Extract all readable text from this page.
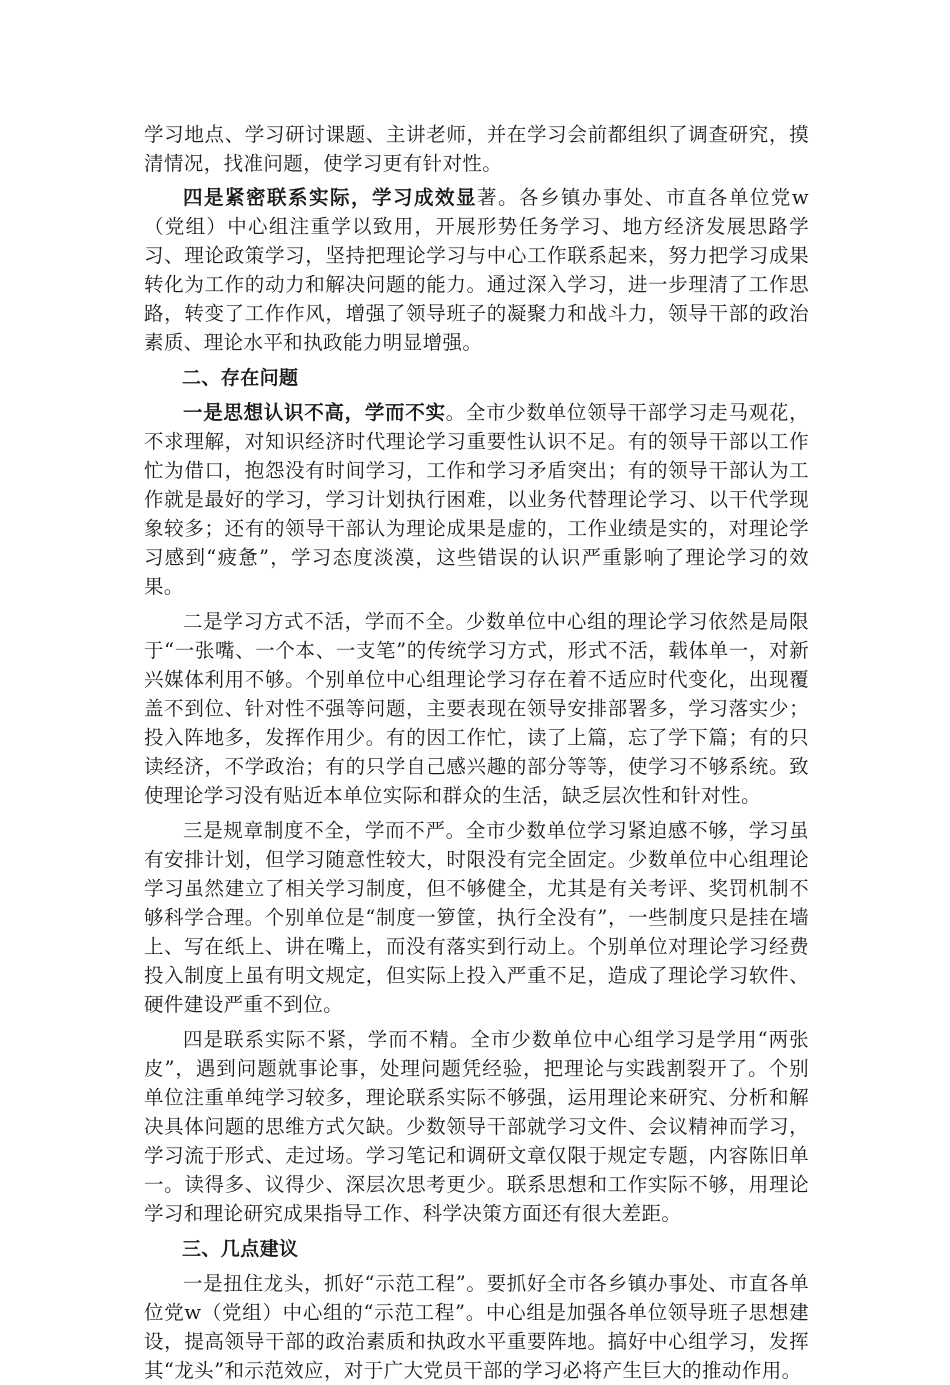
学习地点、学习研讨课题、主讲老师，并在学习会前都组织了调查研究，摸清情况，找准问题，使学习更有针对性。

四是紧密联系实际，学习成效显著。各乡镇办事处、市直各单位党w（党组）中心组注重学以致用，开展形势任务学习、地方经济发展思路学习、理论政策学习，坚持把理论学习与中心工作联系起来，努力把学习成果转化为工作的动力和解决问题的能力。通过深入学习，进一步理清了工作思路，转变了工作作风，增强了领导班子的凝聚力和战斗力，领导干部的政治素质、理论水平和执政能力明显增强。

二、存在问题

一是思想认识不高，学而不实。全市少数单位领导干部学习走马观花，不求理解，对知识经济时代理论学习重要性认识不足。有的领导干部以工作忙为借口，抱怨没有时间学习，工作和学习矛盾突出；有的领导干部认为工作就是最好的学习，学习计划执行困难，以业务代替理论学习、以干代学现象较多；还有的领导干部认为理论成果是虚的，工作业绩是实的，对理论学习感到“疲惫”，学习态度淡漠，这些错误的认识严重影响了理论学习的效果。

二是学习方式不活，学而不全。少数单位中心组的理论学习依然是局限于“一张嘴、一个本、一支笔”的传统学习方式，形式不活，载体单一，对新兴媒体利用不够。个别单位中心组理论学习存在着不适应时代变化，出现覆盖不到位、针对性不强等问题，主要表现在领导安排部署多，学习落实少；投入阵地多，发挥作用少。有的因工作忙，读了上篇，忘了学下篇；有的只读经济，不学政治；有的只学自己感兴趣的部分等等，使学习不够系统。致使理论学习没有贴近本单位实际和群众的生活，缺乏层次性和针对性。

三是规章制度不全，学而不严。全市少数单位学习紧迫感不够，学习虽有安排计划，但学习随意性较大，时限没有完全固定。少数单位中心组理论学习虽然建立了相关学习制度，但不够健全，尤其是有关考评、奖罚机制不够科学合理。个别单位是“制度一箩筐，执行全没有”，一些制度只是挂在墙上、写在纸上、讲在嘴上，而没有落实到行动上。个别单位对理论学习经费投入制度上虽有明文规定，但实际上投入严重不足，造成了理论学习软件、硬件建设严重不到位。

四是联系实际不紧，学而不精。全市少数单位中心组学习是学用“两张皮”，遇到问题就事论事，处理问题凭经验，把理论与实践割裂开了。个别单位注重单纯学习较多，理论联系实际不够强，运用理论来研究、分析和解决具体问题的思维方式欠缺。少数领导干部就学习文件、会议精神而学习，学习流于形式、走过场。学习笔记和调研文章仅限于规定专题，内容陈旧单一。读得多、议得少、深层次思考更少。联系思想和工作实际不够，用理论学习和理论研究成果指导工作、科学决策方面还有很大差距。

三、几点建议

一是扭住龙头，抓好“示范工程”。要抓好全市各乡镇办事处、市直各单位党w（党组）中心组的“示范工程”。中心组是加强各单位领导班子思想建设，提高领导干部的政治素质和执政水平重要阵地。搞好中心组学习，发挥其“龙头”和示范效应，对于广大党员干部的学习必将产生巨大的推动作用。
